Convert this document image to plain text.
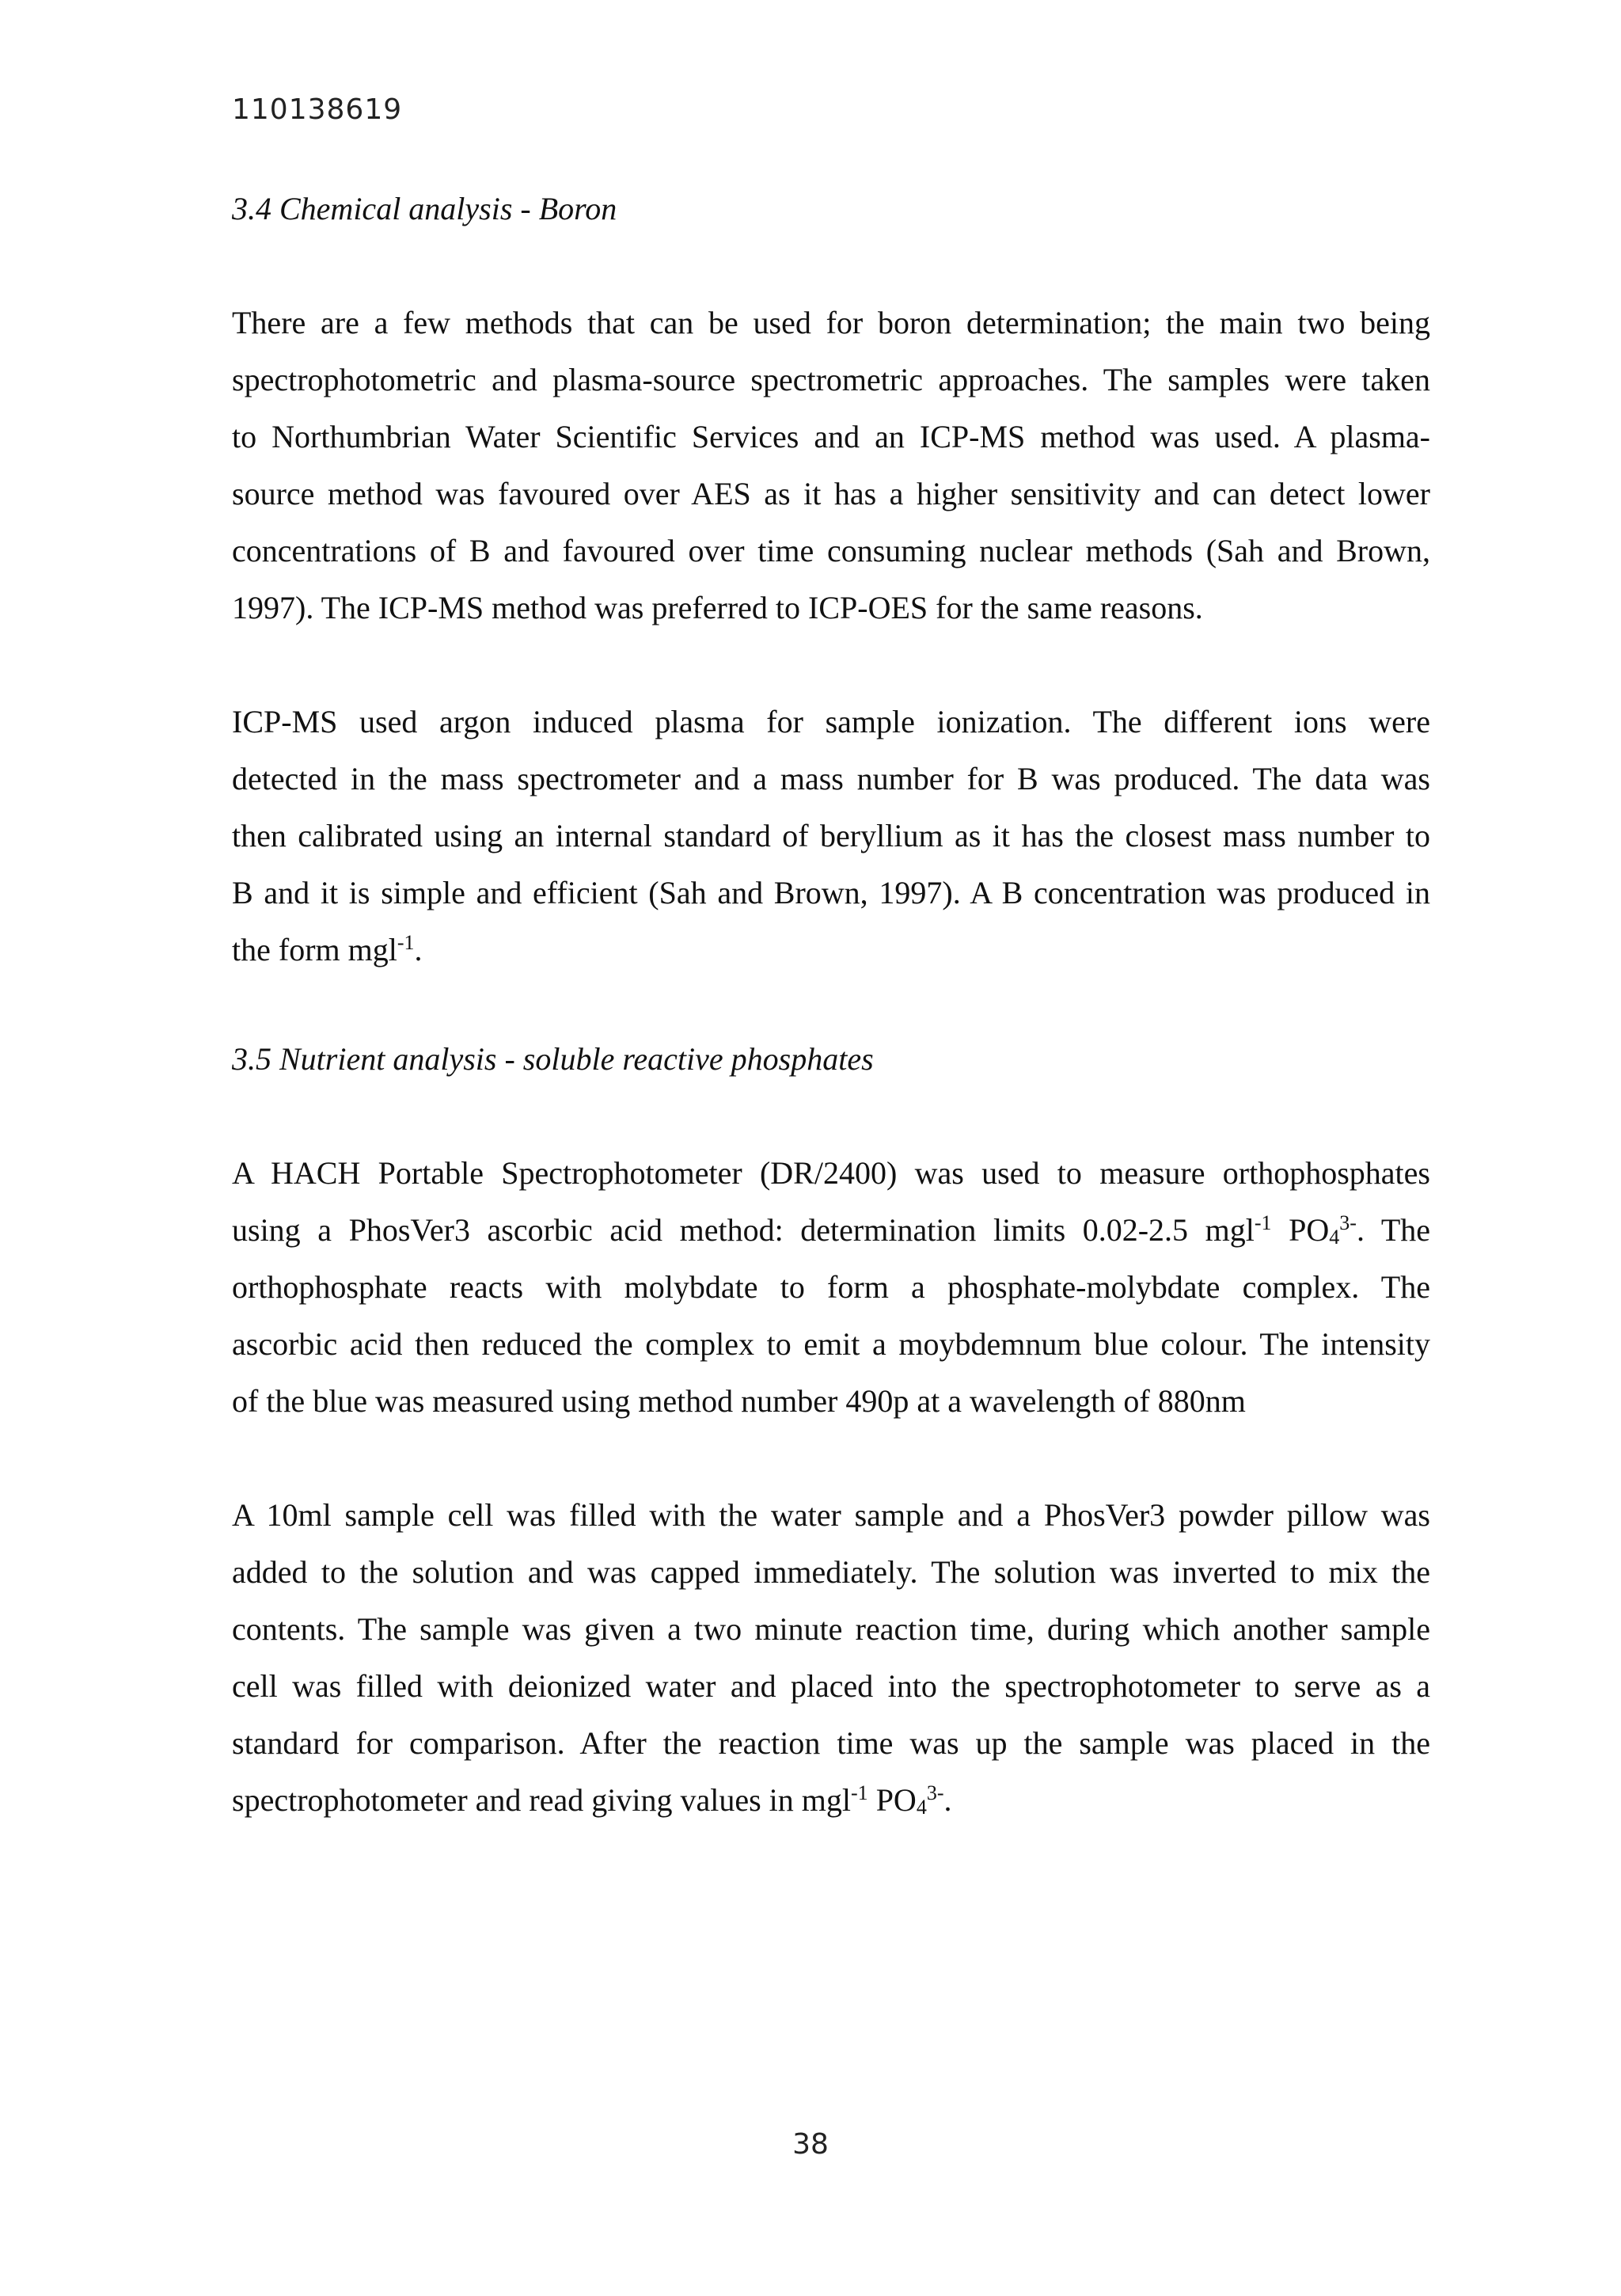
110138619
3.4 Chemical analysis - Boron
There are a few methods that can be used for boron determination; the main two being
spectrophotometric and plasma-source spectrometric approaches. The samples were taken
to Northumbrian Water Scientific Services and an ICP-MS method was used. A plasma-
source method was favoured over AES as it has a higher sensitivity and can detect lower
concentrations of B and favoured over time consuming nuclear methods (Sah and Brown,
1997). The ICP-MS method was preferred to ICP-OES for the same reasons.
ICP-MS used argon induced plasma for sample ionization. The different ions were
detected in the mass spectrometer and a mass number for B was produced. The data was
then calibrated using an internal standard of beryllium as it has the closest mass number to
B and it is simple and efficient (Sah and Brown, 1997). A B concentration was produced in
the form mgl$^{-1}$.
3.5 Nutrient analysis - soluble reactive phosphates
A HACH Portable Spectrophotometer (DR/2400) was used to measure orthophosphates
using a PhosVer3 ascorbic acid method: determination limits 0.02-2.5 mgl$^{-1}$ $PO_4^{3-}$. The
orthophosphate reacts with molybdate to form a phosphate-molybdate complex. The
ascorbic acid then reduced the complex to emit a moybdemnum blue colour. The intensity
of the blue was measured using method number 490p at a wavelength of 880nm
A 10ml sample cell was filled with the water sample and a PhosVer3 powder pillow was
added to the solution and was capped immediately. The solution was inverted to mix the
contents. The sample was given a two minute reaction time, during which another sample
cell was filled with deionized water and placed into the spectrophotometer to serve as a
standard for comparison. After the reaction time was up the sample was placed in the
spectrophotometer and read giving values in mgl$^{-1}$ $PO_4^{3-}$.
38
